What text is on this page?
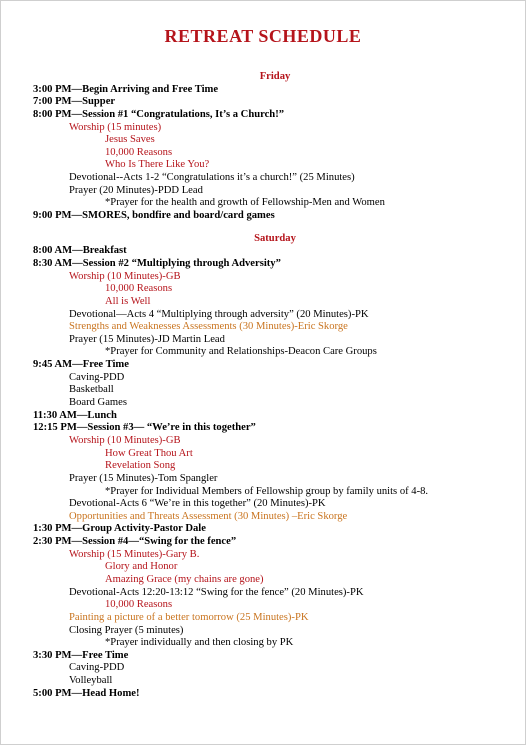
RETREAT SCHEDULE
Friday
3:00 PM—Begin Arriving and Free Time
7:00 PM—Supper
8:00 PM—Session #1 “Congratulations, It’s a Church!”
Worship (15 minutes)
Jesus Saves
10,000 Reasons
Who Is There Like You?
Devotional--Acts 1-2 “Congratulations it’s a church!” (25 Minutes)
Prayer (20 Minutes)-PDD Lead
*Prayer for the health and growth of Fellowship-Men and Women
9:00 PM—SMORES, bondfire and board/card games
Saturday
8:00 AM—Breakfast
8:30 AM—Session #2 “Multiplying through Adversity”
Worship (10 Minutes)-GB
10,000 Reasons
All is Well
Devotional—Acts 4 “Multiplying through adversity” (20 Minutes)-PK
Strengths and Weaknesses Assessments (30 Minutes)-Eric Skorge
Prayer (15 Minutes)-JD Martin Lead
*Prayer for Community and Relationships-Deacon Care Groups
9:45 AM—Free Time
Caving-PDD
Basketball
Board Games
11:30 AM—Lunch
12:15 PM—Session #3— “We’re in this together”
Worship (10 Minutes)-GB
How Great Thou Art
Revelation Song
Prayer (15 Minutes)-Tom Spangler
*Prayer for Individual Members of Fellowship group by family units of 4-8.
Devotional-Acts 6 “We’re in this together” (20 Minutes)-PK
Opportunities and Threats Assessment (30 Minutes) –Eric Skorge
1:30 PM—Group Activity-Pastor Dale
2:30 PM—Session #4—“Swing for the fence”
Worship (15 Minutes)-Gary B.
Glory and Honor
Amazing Grace (my chains are gone)
Devotional-Acts 12:20-13:12 “Swing for the fence” (20 Minutes)-PK
10,000 Reasons
Painting a picture of a better tomorrow (25 Minutes)-PK
Closing Prayer (5 minutes)
*Prayer individually and then closing by PK
3:30 PM—Free Time
Caving-PDD
Volleyball
5:00 PM—Head Home!
